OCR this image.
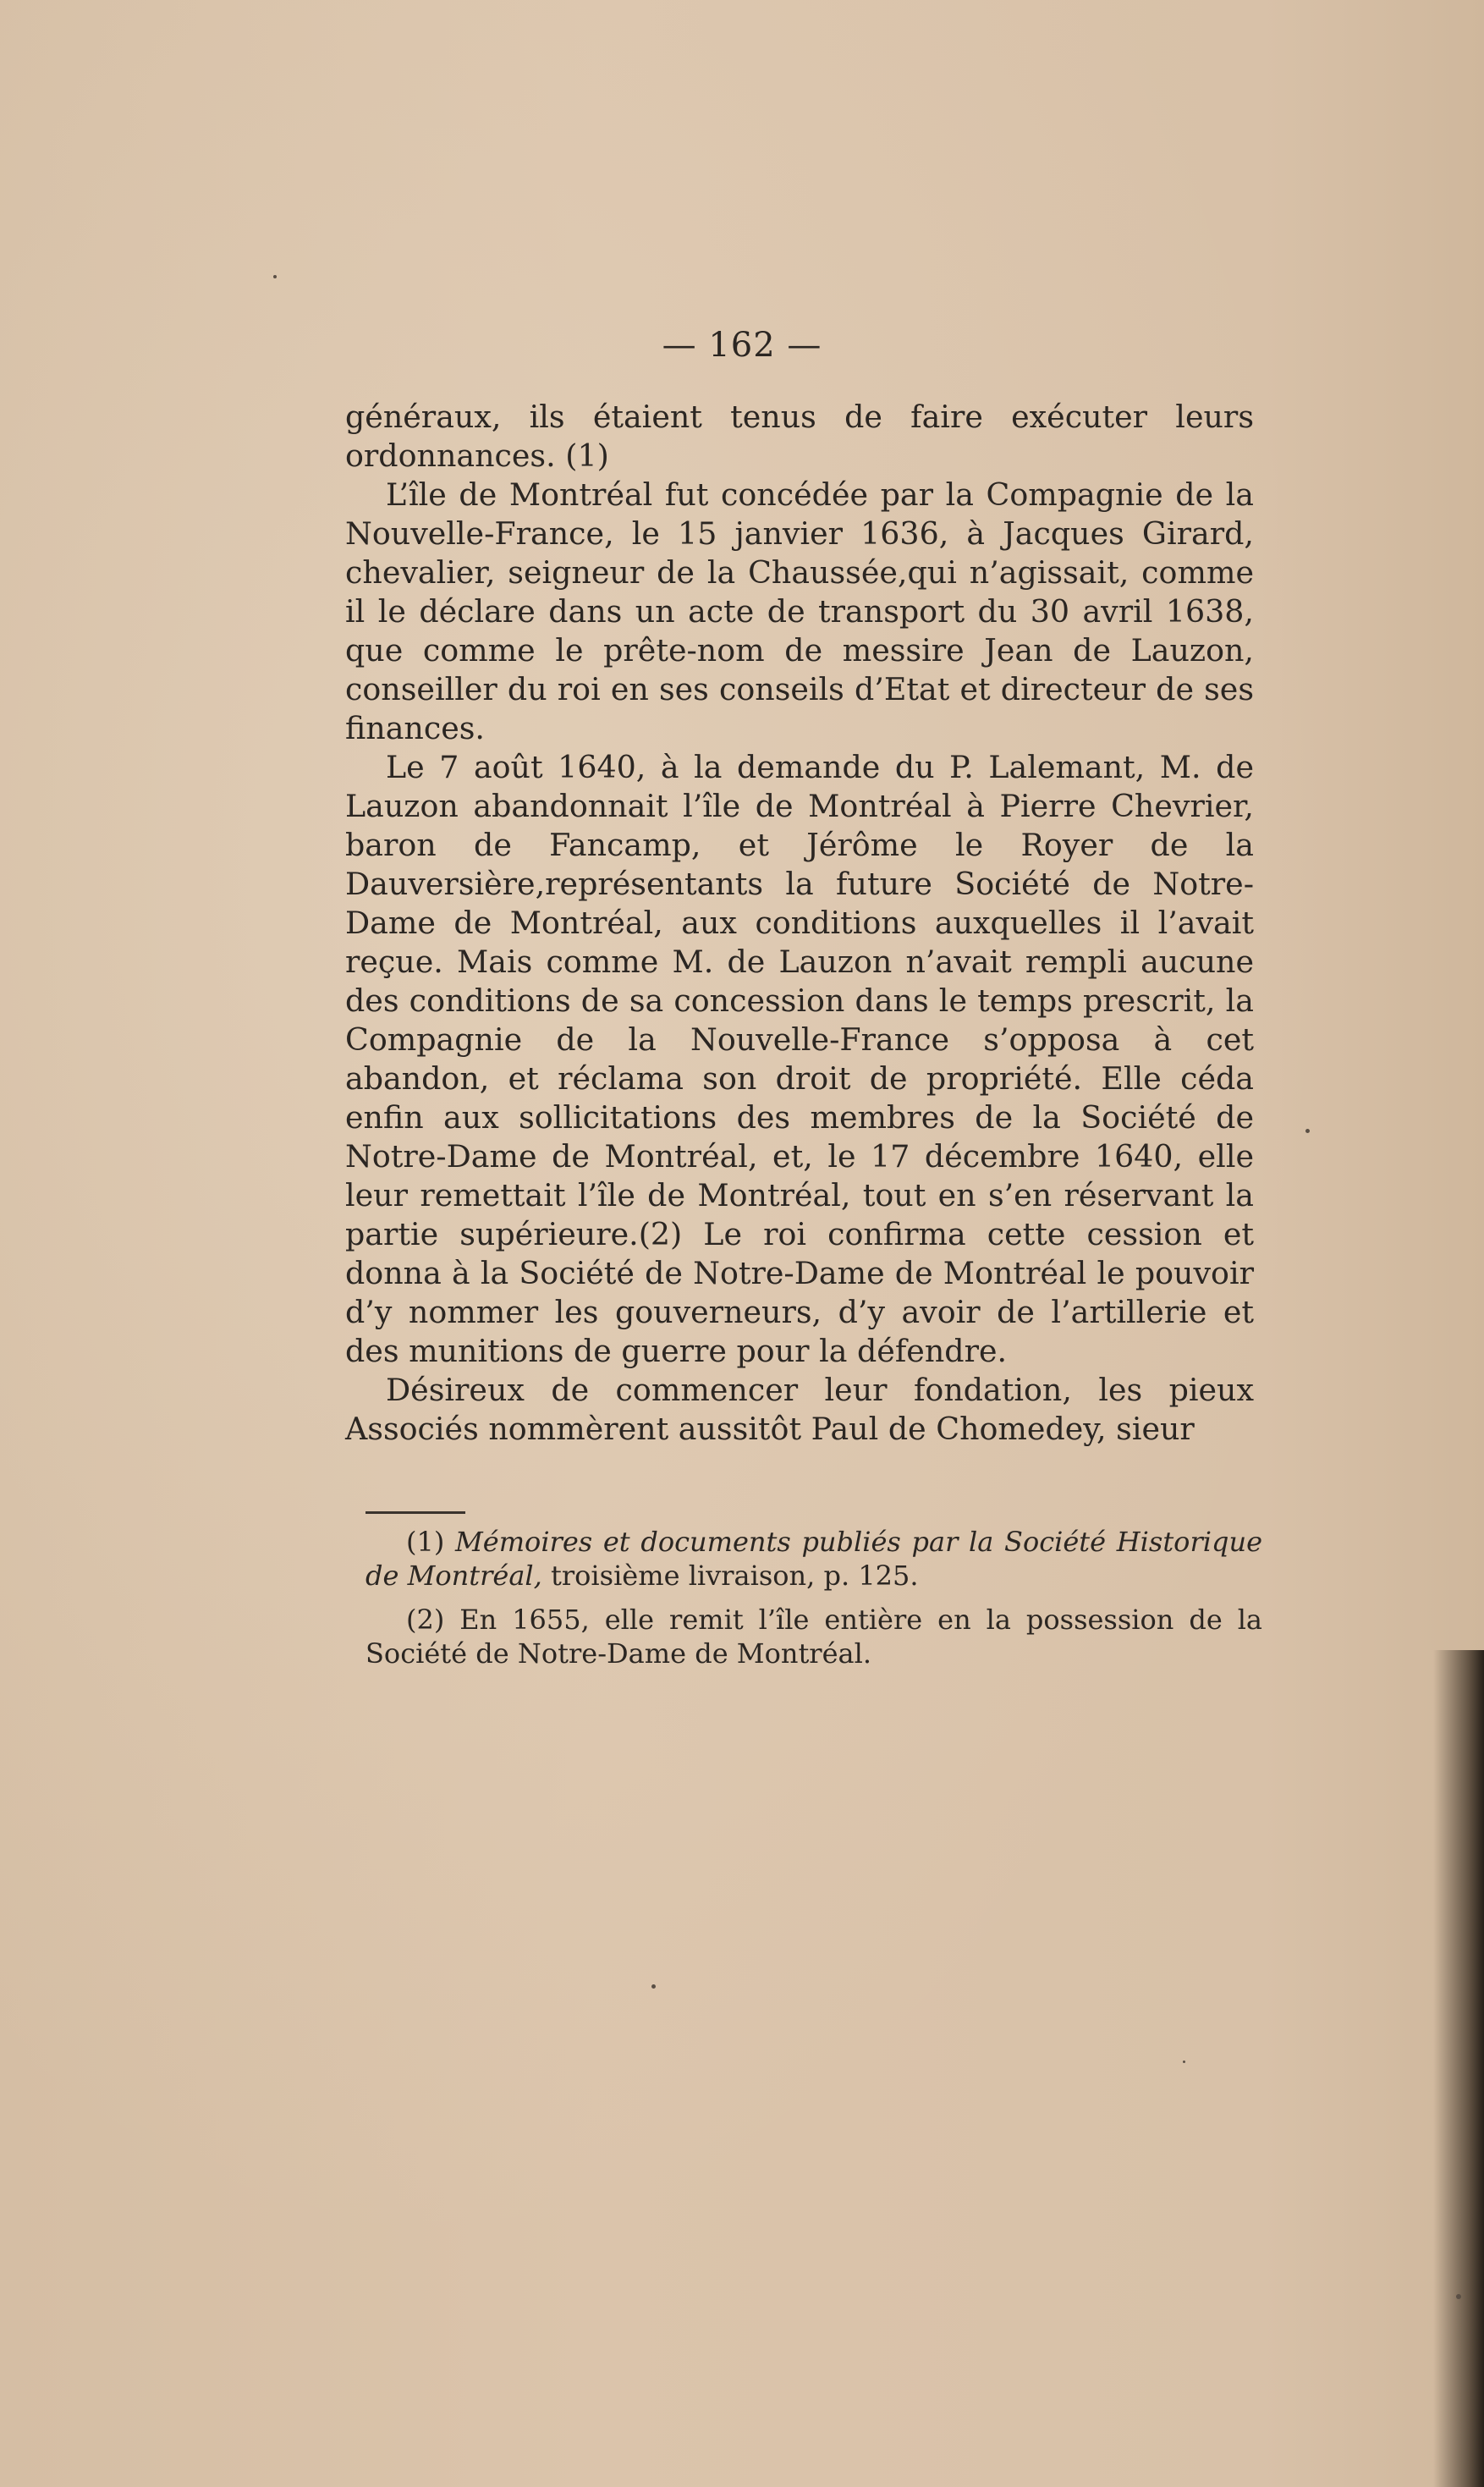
— 162 —

généraux, ils étaient tenus de faire exécuter leurs ordonnances. (1)

L’île de Montréal fut concédée par la Compagnie de la Nouvelle-France, le 15 janvier 1636, à Jacques Girard, chevalier, seigneur de la Chaussée,qui n’agissait, comme il le déclare dans un acte de transport du 30 avril 1638, que comme le prête-nom de messire Jean de Lauzon, conseiller du roi en ses conseils d’Etat et directeur de ses finances.

Le 7 août 1640, à la demande du P. Lalemant, M. de Lauzon abandonnait l’île de Montréal à Pierre Chevrier, baron de Fancamp, et Jérôme le Royer de la Dauversière,représentants la future Société de Notre-Dame de Montréal, aux conditions auxquelles il l’avait reçue. Mais comme M. de Lauzon n’avait rempli aucune des conditions de sa concession dans le temps prescrit, la Compagnie de la Nouvelle-France s’opposa à cet abandon, et réclama son droit de propriété. Elle céda enfin aux sollicitations des membres de la Société de Notre-Dame de Montréal, et, le 17 décembre 1640, elle leur remettait l’île de Montréal, tout en s’en réservant la partie supérieure.(2) Le roi confirma cette cession et donna à la Société de Notre-Dame de Montréal le pouvoir d’y nommer les gouverneurs, d’y avoir de l’artillerie et des munitions de guerre pour la défendre.

Désireux de commencer leur fondation, les pieux Associés nommèrent aussitôt Paul de Chomedey, sieur

(1) Mémoires et documents publiés par la Société Historique de Montréal, troisième livraison, p. 125.

(2) En 1655, elle remit l’île entière en la possession de la Société de Notre-Dame de Montréal.
